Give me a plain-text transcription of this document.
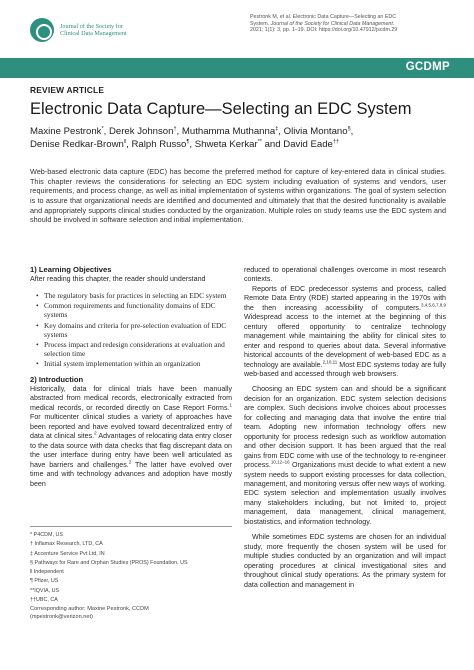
Journal of the Society for
Clinical Data Management
Pestronk M, et al. Electronic Data Capture—Selecting an EDC
System. Journal of the Society for Clinical Data Management.
2021; 1(1): 3, pp. 1–19. DOI: https://doi.org/10.47912/jscdm.29
GCDMP
REVIEW ARTICLE
Electronic Data Capture—Selecting an EDC System
Maxine Pestronk*, Derek Johnson†, Muthamma Muthanna‡, Olivia Montano§,
Denise Redkar-Brown‖, Ralph Russo¶, Shweta Kerkar** and David Eade††

Web-based electronic data capture (EDC) has become the preferred method for capture of key-entered data in clinical studies. This chapter reviews the considerations for selecting an EDC system including evaluation of systems and vendors, user requirements, and process change, as well as initial implementation of systems within organizations. The goal of system selection is to assure that organizational needs are identified and documented and ultimately that that the desired functionality is available and appropriately supports clinical studies conducted by the organization. Multiple roles on study teams use the EDC system and should be involved in software selection and initial implementation.

1) Learning Objectives
After reading this chapter, the reader should understand
• The regulatory basis for practices in selecting an EDC system
• Common requirements and functionality domains of EDC systems
• Key domains and criteria for pre-selection evaluation of EDC systems
• Process impact and redesign considerations at evaluation and selection time
• Initial system implementation within an organization
2) Introduction

Historically, data for clinical trials have been manually abstracted from medical records, electronically extracted from medical records, or recorded directly on Case Report Forms.$^1$ For multicenter clinical studies a variety of approaches have been reported and have evolved toward decentralized entry of data at clinical sites.$^2$ Advantages of relocating data entry closer to the data source with data checks that flag discrepant data on the user interface during entry have been well articulated as have barriers and challenges.$^2$ The latter have evolved over time and with technology advances and adoption have mostly been

* P4CDM, US
† Inflamax Research, LTD, CA
‡ Accenture Service Pvt Ltd, IN
§ Pathways for Rare and Orphan Studies (PROS) Foundation, US
‖ Independent
¶ Pfizer, US
**IQVIA, US
††UBC, CA
Corresponding author: Maxine Pestronk, CCDM
(mpestronk@verizon.net)

reduced to operational challenges overcome in most research contexts.

Reports of EDC predecessor systems and process, called Remote Data Entry (RDE) started appearing in the 1970s with the then increasing accessibility of computers.$^{3,4,5,6,7,8,9}$ Widespread access to the internet at the beginning of this century offered opportunity to centralize technology management while maintaining the ability for clinical sites to enter and respond to queries about data. Several informative historical accounts of the development of web-based EDC as a technology are available.$^{2,10,11}$ Most EDC systems today are fully web-based and accessed through web browsers.

Choosing an EDC system can and should be a significant decision for an organization. EDC system selection decisions are complex. Such decisions involve choices about processes for collecting and managing data that involve the entire trial team. Adopting new information technology offers new opportunity for process redesign such as workflow automation and other decision support. It has been argued that the real gains from EDC come with use of the technology to re-engineer process.$^{10,12-16}$ Organizations must decide to what extent a new system needs to support existing processes for data collection, management, and monitoring versus offer new ways of working. EDC system selection and implementation usually involves many stakeholders including, but not limited to, project management, data management, clinical management, biostatistics, and information technology.

While sometimes EDC systems are chosen for an individual study, more frequently the chosen system will be used for multiple studies conducted by an organization and will impact operating procedures at clinical investigational sites and throughout clinical study operations. As the primary system for data collection and management in
